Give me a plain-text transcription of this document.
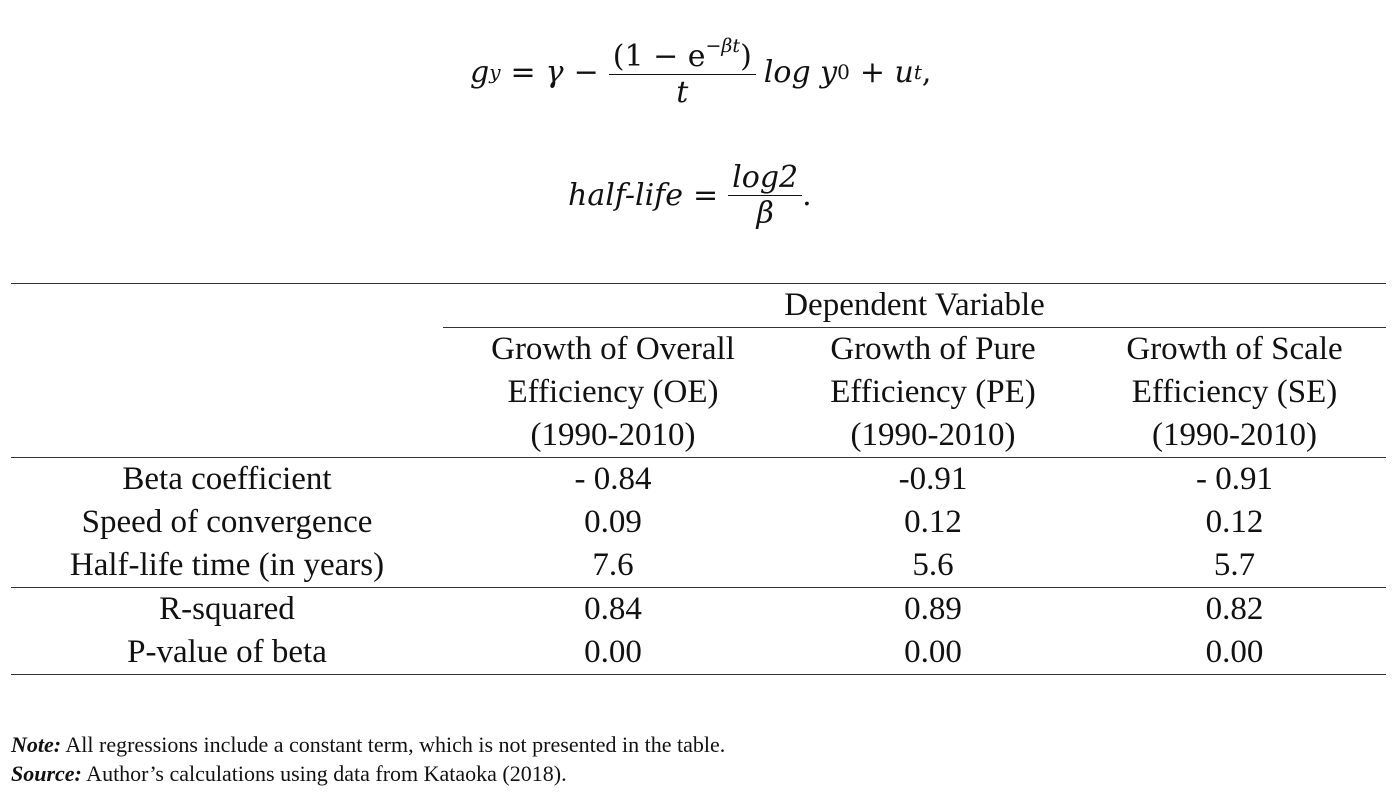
g $y = \gamma - \frac{(1 - e^{-\beta t})}{t}$ log y 0 + u t ,
half-life = $\frac{\log 2}{\beta}$ .
	Dependent Variable		
	Growth of Overall	Growth of Pure	Growth of Scale
	Efficiency (OE)	Efficiency (PE)	Efficiency (SE)
	(1990-2010)	(1990-2010)	(1990-2010)
Beta coefficient	- 0.84	-0.91	- 0.91
Speed of convergence	0.09	0.12	0.12
Half-life time (in years)	7.6	5.6	5.7
R-squared	0.84	0.89	0.82
P-value of beta	0.00	0.00	0.00
Note: All regressions include a constant term, which is not presented in the table.
Source: Author’s calculations using data from Kataoka (2018).
